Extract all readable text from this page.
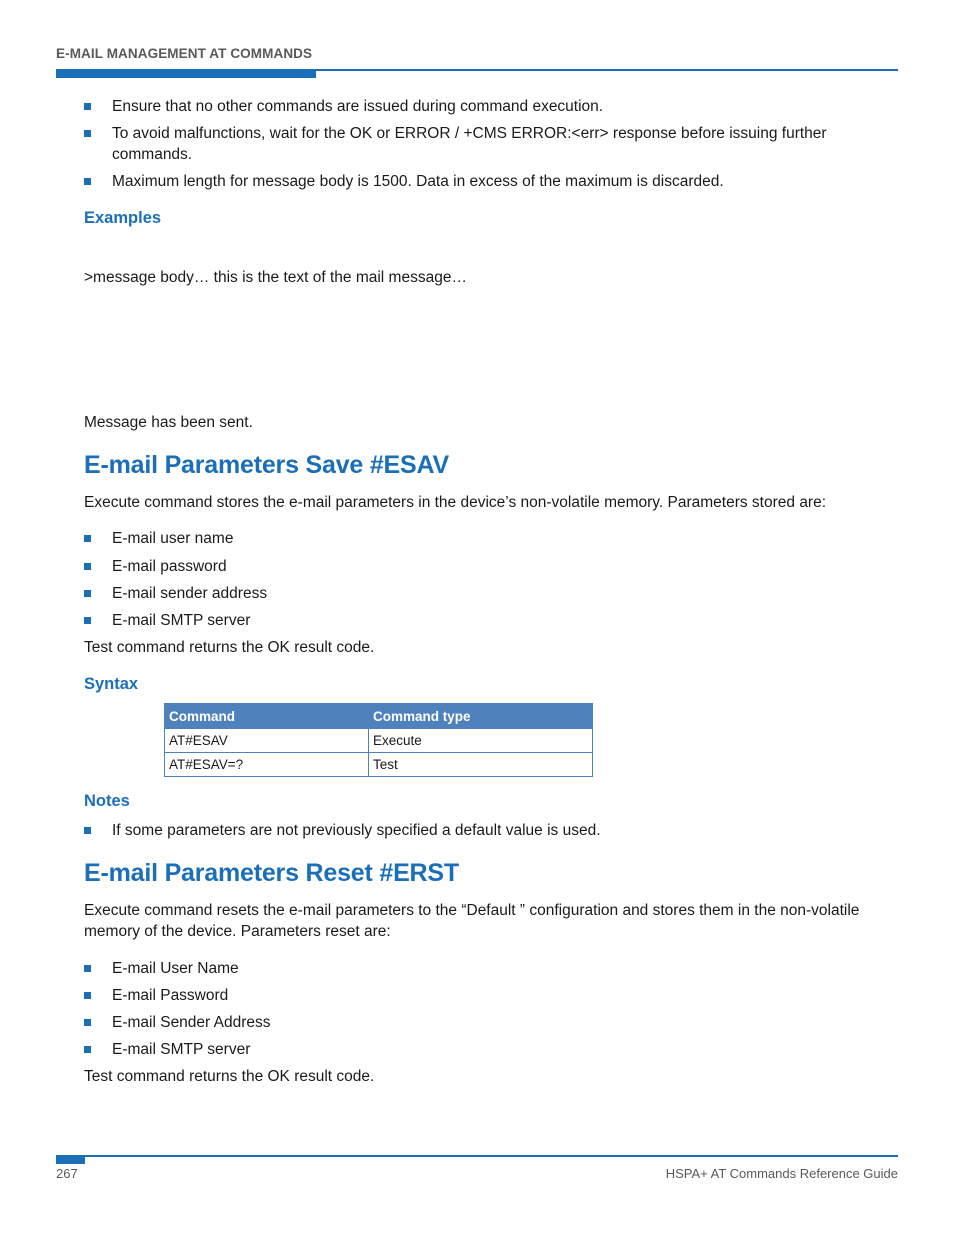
E-MAIL MANAGEMENT AT COMMANDS
Ensure that no other commands are issued during command execution.
To avoid malfunctions, wait for the OK or ERROR / +CMS ERROR:<err> response before issuing further commands.
Maximum length for message body is 1500. Data in excess of the maximum is discarded.
Examples
>message body… this is the text of the mail message…
Message has been sent.
E-mail Parameters Save #ESAV
Execute command stores the e-mail parameters in the device’s non-volatile memory. Parameters stored are:
E-mail user name
E-mail password
E-mail sender address
E-mail SMTP server
Test command returns the OK result code.
Syntax
Command	Command type
AT#ESAV	Execute
AT#ESAV=?	Test
Notes
If some parameters are not previously specified a default value is used.
E-mail Parameters Reset #ERST
Execute command resets the e-mail parameters to the “Default ” configuration and stores them in the non-volatile memory of the device. Parameters reset are:
E-mail User Name
E-mail Password
E-mail Sender Address
E-mail SMTP server
Test command returns the OK result code.
267	HSPA+ AT Commands Reference Guide
